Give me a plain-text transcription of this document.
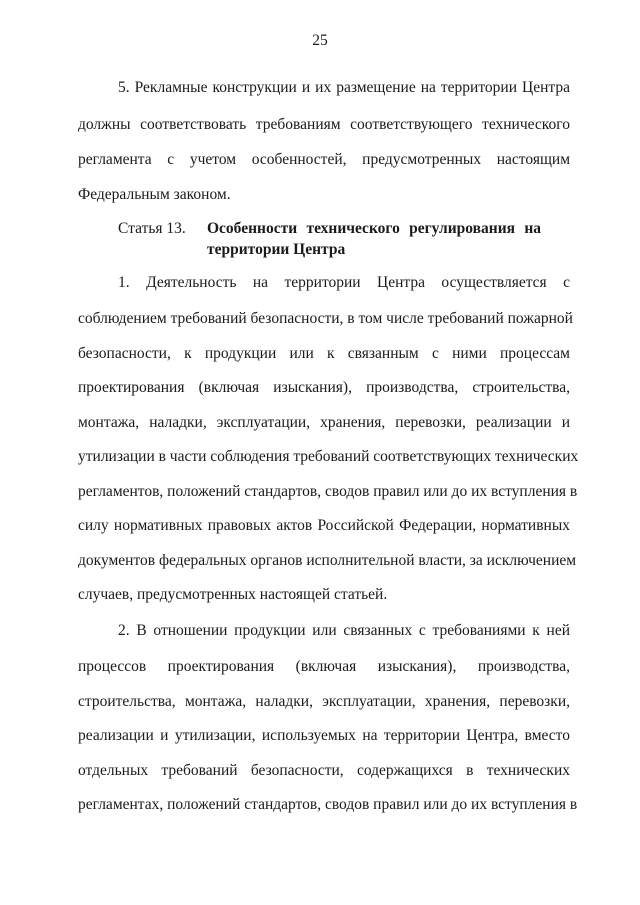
25
5. Рекламные конструкции и их размещение на территории Центра
должны соответствовать требованиям соответствующего технического
регламента с учетом особенностей, предусмотренных настоящим
Федеральным законом.
Статья 13. Особенности технического регулирования на
территории Центра
1. Деятельность на территории Центра осуществляется с
соблюдением требований безопасности, в том числе требований пожарной
безопасности, к продукции или к связанным с ними процессам
проектирования (включая изыскания), производства, строительства,
монтажа, наладки, эксплуатации, хранения, перевозки, реализации и
утилизации в части соблюдения требований соответствующих технических
регламентов, положений стандартов, сводов правил или до их вступления в
силу нормативных правовых актов Российской Федерации, нормативных
документов федеральных органов исполнительной власти, за исключением
случаев, предусмотренных настоящей статьей.
2. В отношении продукции или связанных с требованиями к ней
процессов проектирования (включая изыскания), производства,
строительства, монтажа, наладки, эксплуатации, хранения, перевозки,
реализации и утилизации, используемых на территории Центра, вместо
отдельных требований безопасности, содержащихся в технических
регламентах, положений стандартов, сводов правил или до их вступления в
